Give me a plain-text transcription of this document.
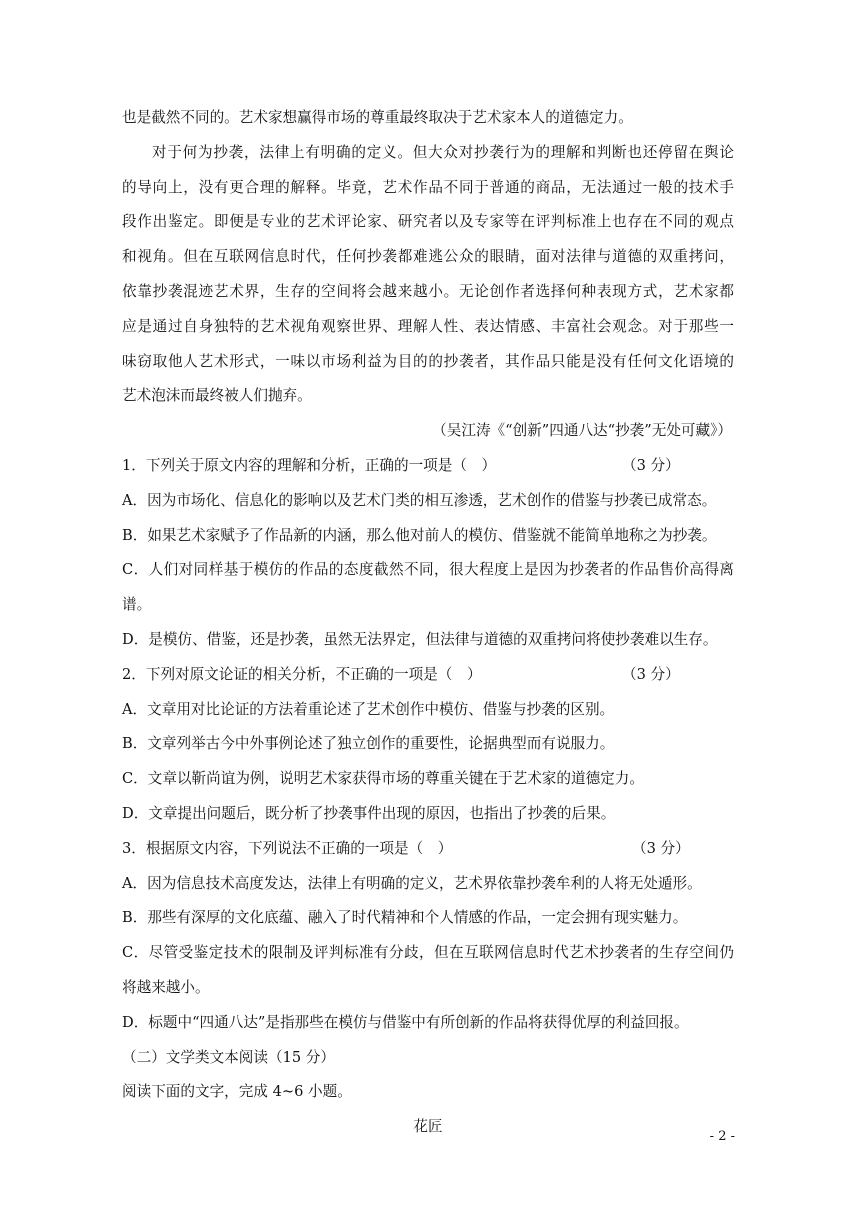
也是截然不同的。艺术家想赢得市场的尊重最终取决于艺术家本人的道德定力。
对于何为抄袭，法律上有明确的定义。但大众对抄袭行为的理解和判断也还停留在舆论
的导向上，没有更合理的解释。毕竟，艺术作品不同于普通的商品，无法通过一般的技术手
段作出鉴定。即便是专业的艺术评论家、研究者以及专家等在评判标准上也存在不同的观点
和视角。但在互联网信息时代，任何抄袭都难逃公众的眼睛，面对法律与道德的双重拷问，
依靠抄袭混迹艺术界，生存的空间将会越来越小。无论创作者选择何种表现方式，艺术家都
应是通过自身独特的艺术视角观察世界、理解人性、表达情感、丰富社会观念。对于那些一
味窃取他人艺术形式，一味以市场利益为目的的抄袭者，其作品只能是没有任何文化语境的
艺术泡沫而最终被人们抛弃。
（吴江涛《“创新”四通八达“抄袭”无处可藏》）
1．下列关于原文内容的理解和分析，正确的一项是（　）	（3 分）
A．因为市场化、信息化的影响以及艺术门类的相互渗透，艺术创作的借鉴与抄袭已成常态。
B．如果艺术家赋予了作品新的内涵，那么他对前人的模仿、借鉴就不能简单地称之为抄袭。
C．人们对同样基于模仿的作品的态度截然不同，很大程度上是因为抄袭者的作品售价高得离
谱。
D．是模仿、借鉴，还是抄袭，虽然无法界定，但法律与道德的双重拷问将使抄袭难以生存。
2．下列对原文论证的相关分析，不正确的一项是（　）	（3 分）
A．文章用对比论证的方法着重论述了艺术创作中模仿、借鉴与抄袭的区别。
B．文章列举古今中外事例论述了独立创作的重要性，论据典型而有说服力。
C．文章以靳尚谊为例，说明艺术家获得市场的尊重关键在于艺术家的道德定力。
D．文章提出问题后，既分析了抄袭事件出现的原因，也指出了抄袭的后果。
3．根据原文内容，下列说法不正确的一项是（　）	（3 分）
A．因为信息技术高度发达，法律上有明确的定义，艺术界依靠抄袭牟利的人将无处遁形。
B．那些有深厚的文化底蕴、融入了时代精神和个人情感的作品，一定会拥有现实魅力。
C．尽管受鉴定技术的限制及评判标准有分歧，但在互联网信息时代艺术抄袭者的生存空间仍
将越来越小。
D．标题中“四通八达”是指那些在模仿与借鉴中有所创新的作品将获得优厚的利益回报。
（二）文学类文本阅读（15 分）
阅读下面的文字，完成 4~6 小题。
花匠
- 2 -
